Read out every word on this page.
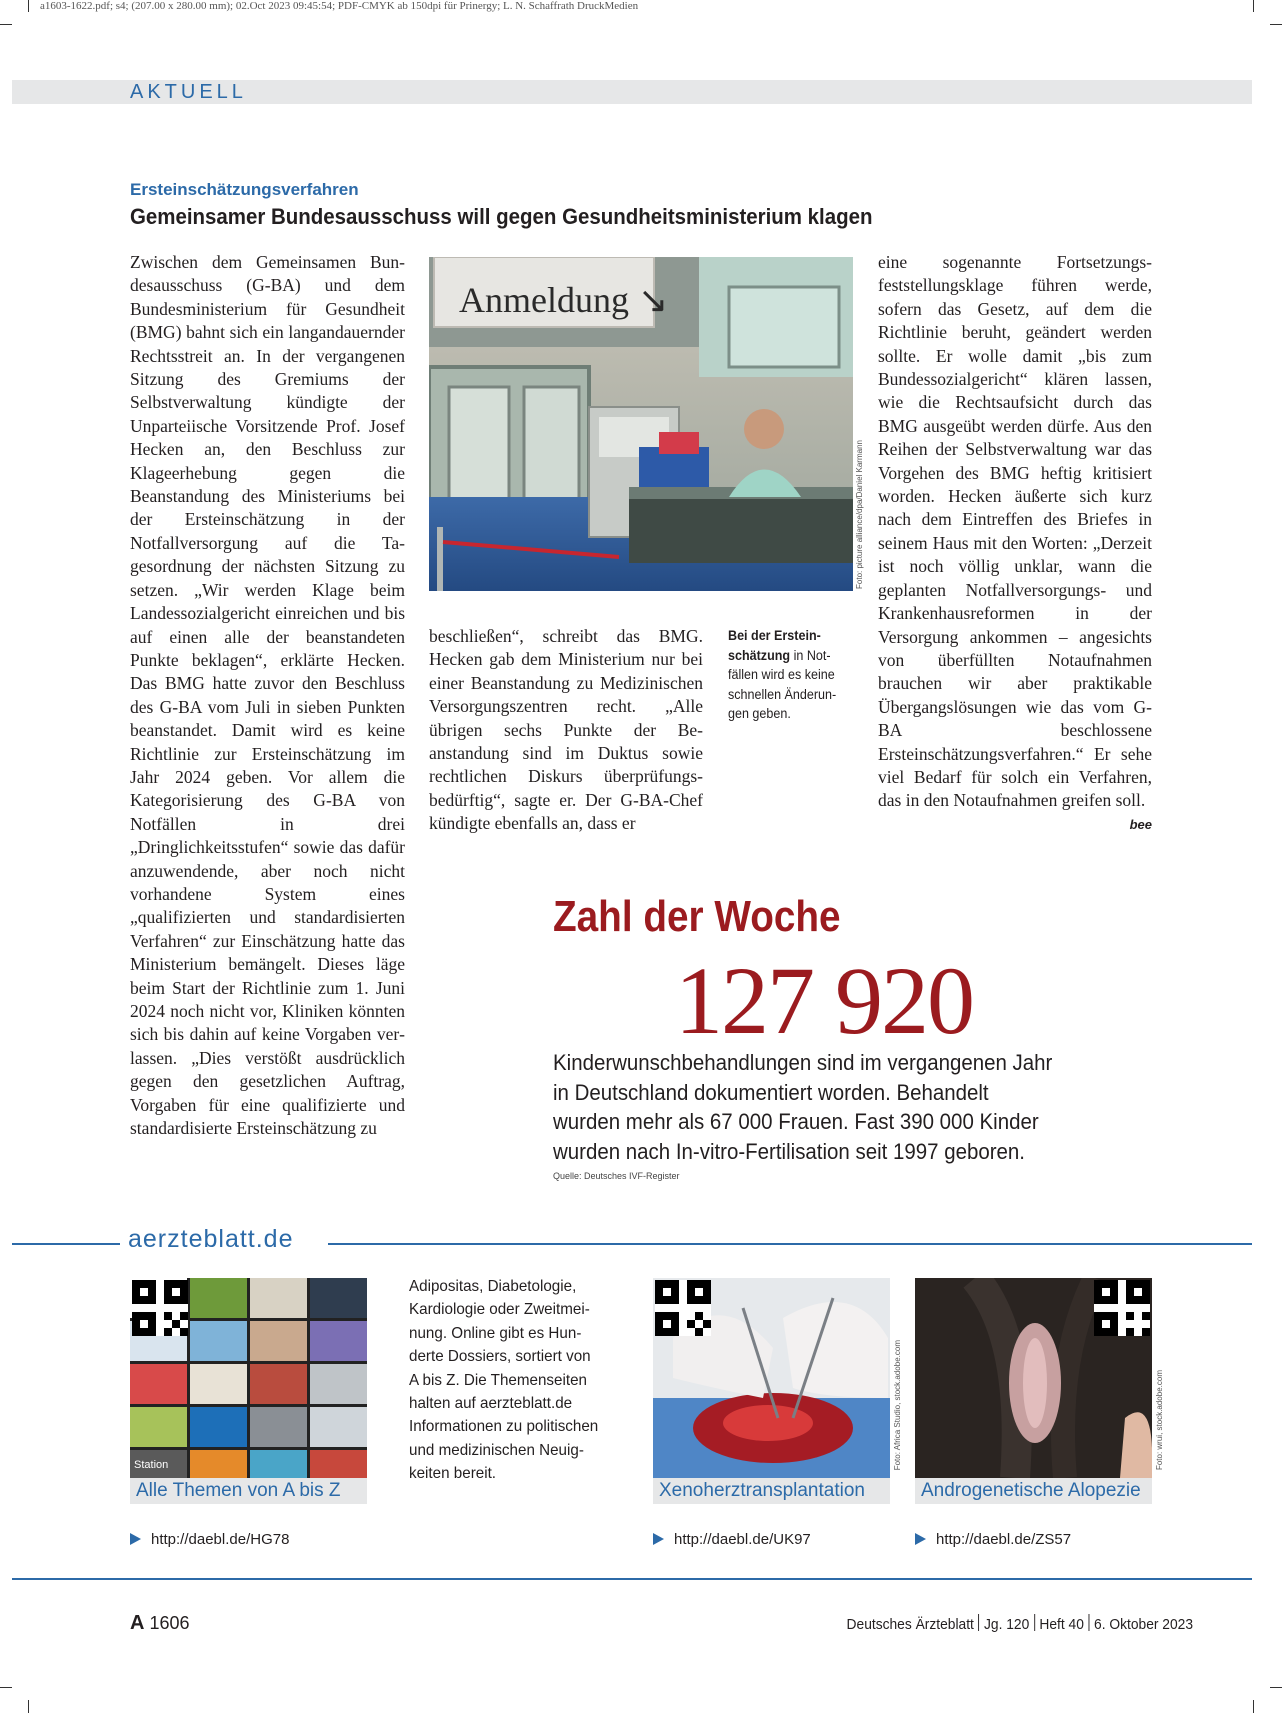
a1603-1622.pdf; s4; (207.00 x 280.00 mm); 02.Oct 2023 09:45:54; PDF-CMYK ab 150dpi für Prinergy; L. N. Schaffrath DruckMedien
AKTUELL
Ersteinschätzungsverfahren
Gemeinsamer Bundesausschuss will gegen Gesundheitsministerium klagen

Zwischen dem Gemeinsamen Bundesausschuss (G-BA) und dem Bundesministerium für Gesundheit (BMG) bahnt sich ein langandauernder Rechtsstreit an. In der vergangenen Sitzung des Gremiums der Selbstverwaltung kündigte der Unparteiische Vorsitzende Prof. Josef Hecken an, den Beschluss zur Klageerhebung gegen die Beanstandung des Ministeriums bei der Ersteinschätzung in der Notfallversorgung auf die Tagesordnung der nächsten Sitzung zu setzen. „Wir werden Klage beim Landessozialgericht einreichen und bis auf einen alle der beanstandeten Punkte beklagen“, erklärte Hecken. Das BMG hatte zuvor den Beschluss des G-BA vom Juli in sieben Punkten beanstandet. Damit wird es keine Richtlinie zur Ersteinschätzung im Jahr 2024 geben. Vor allem die Kategorisierung des G-BA von Notfällen in drei „Dringlichkeitsstufen“ sowie das dafür anzuwendende, aber noch nicht vorhandene System eines „qualifizierten und standardisierten Verfahren“ zur Einschätzung hatte das Ministerium bemängelt. Dieses läge beim Start der Richtlinie zum 1. Juni 2024 noch nicht vor, Kliniken könnten sich bis dahin auf keine Vorgaben verlassen. „Dies verstößt ausdrücklich gegen den gesetzlichen Auftrag, Vorgaben für eine qualifizierte und standardisierte Ersteinschätzung zu

Anmeldung ↘
Foto: picture alliance/dpa/Daniel Karmann

beschließen“, schreibt das BMG. Hecken gab dem Ministerium nur bei einer Beanstandung zu Medizinischen Versorgungszentren recht. „Alle übrigen sechs Punkte der Beanstandung sind im Duktus sowie rechtlichen Diskurs überprüfungsbedürftig“, sagte er. Der G-BA-Chef kündigte ebenfalls an, dass er

Bei der Ersteinschätzung in Notfällen wird es keine schnellen Änderungen geben.

eine sogenannte Fortsetzungsfeststellungsklage führen werde, sofern das Gesetz, auf dem die Richtlinie beruht, geändert werden sollte. Er wolle damit „bis zum Bundessozialgericht“ klären lassen, wie die Rechtsaufsicht durch das BMG ausgeübt werden dürfe. Aus den Reihen der Selbstverwaltung war das Vorgehen des BMG heftig kritisiert worden. Hecken äußerte sich kurz nach dem Eintreffen des Briefes in seinem Haus mit den Worten: „Derzeit ist noch völlig unklar, wann die geplanten Notfallversorgungs- und Krankenhausreformen in der Versorgung ankommen – angesichts von überfüllten Notaufnahmen brauchen wir aber praktikable Übergangslösungen wie das vom G-BA beschlossene Ersteinschätzungsverfahren.“ Er sehe viel Bedarf für solch ein Verfahren, das in den Notaufnahmen greifen soll.
bee

Zahl der Woche
127 920
Kinderwunschbehandlungen sind im vergangenen Jahr in Deutschland dokumentiert worden. Behandelt wurden mehr als 67 000 Frauen. Fast 390 000 Kinder wurden nach In-vitro-Fertilisation seit 1997 geboren.
Quelle: Deutsches IVF-Register
aerzteblatt.de
Station
Alle Themen von A bis Z
http://daebl.de/HG78
Adipositas, Diabetologie, Kardiologie oder Zweitmeinung. Online gibt es Hunderte Dossiers, sortiert von A bis Z. Die Themenseiten halten auf aerzteblatt.de Informationen zu politischen und medizinischen Neuigkeiten bereit.
Foto: Africa Studio, stock.adobe.com
Xenoherztransplantation
http://daebl.de/UK97
Foto: wrui, stock.adobe.com
Androgenetische Alopezie
http://daebl.de/ZS57
A 1606	Deutsches Ärzteblatt Jg. 120 Heft 40 6. Oktober 2023
